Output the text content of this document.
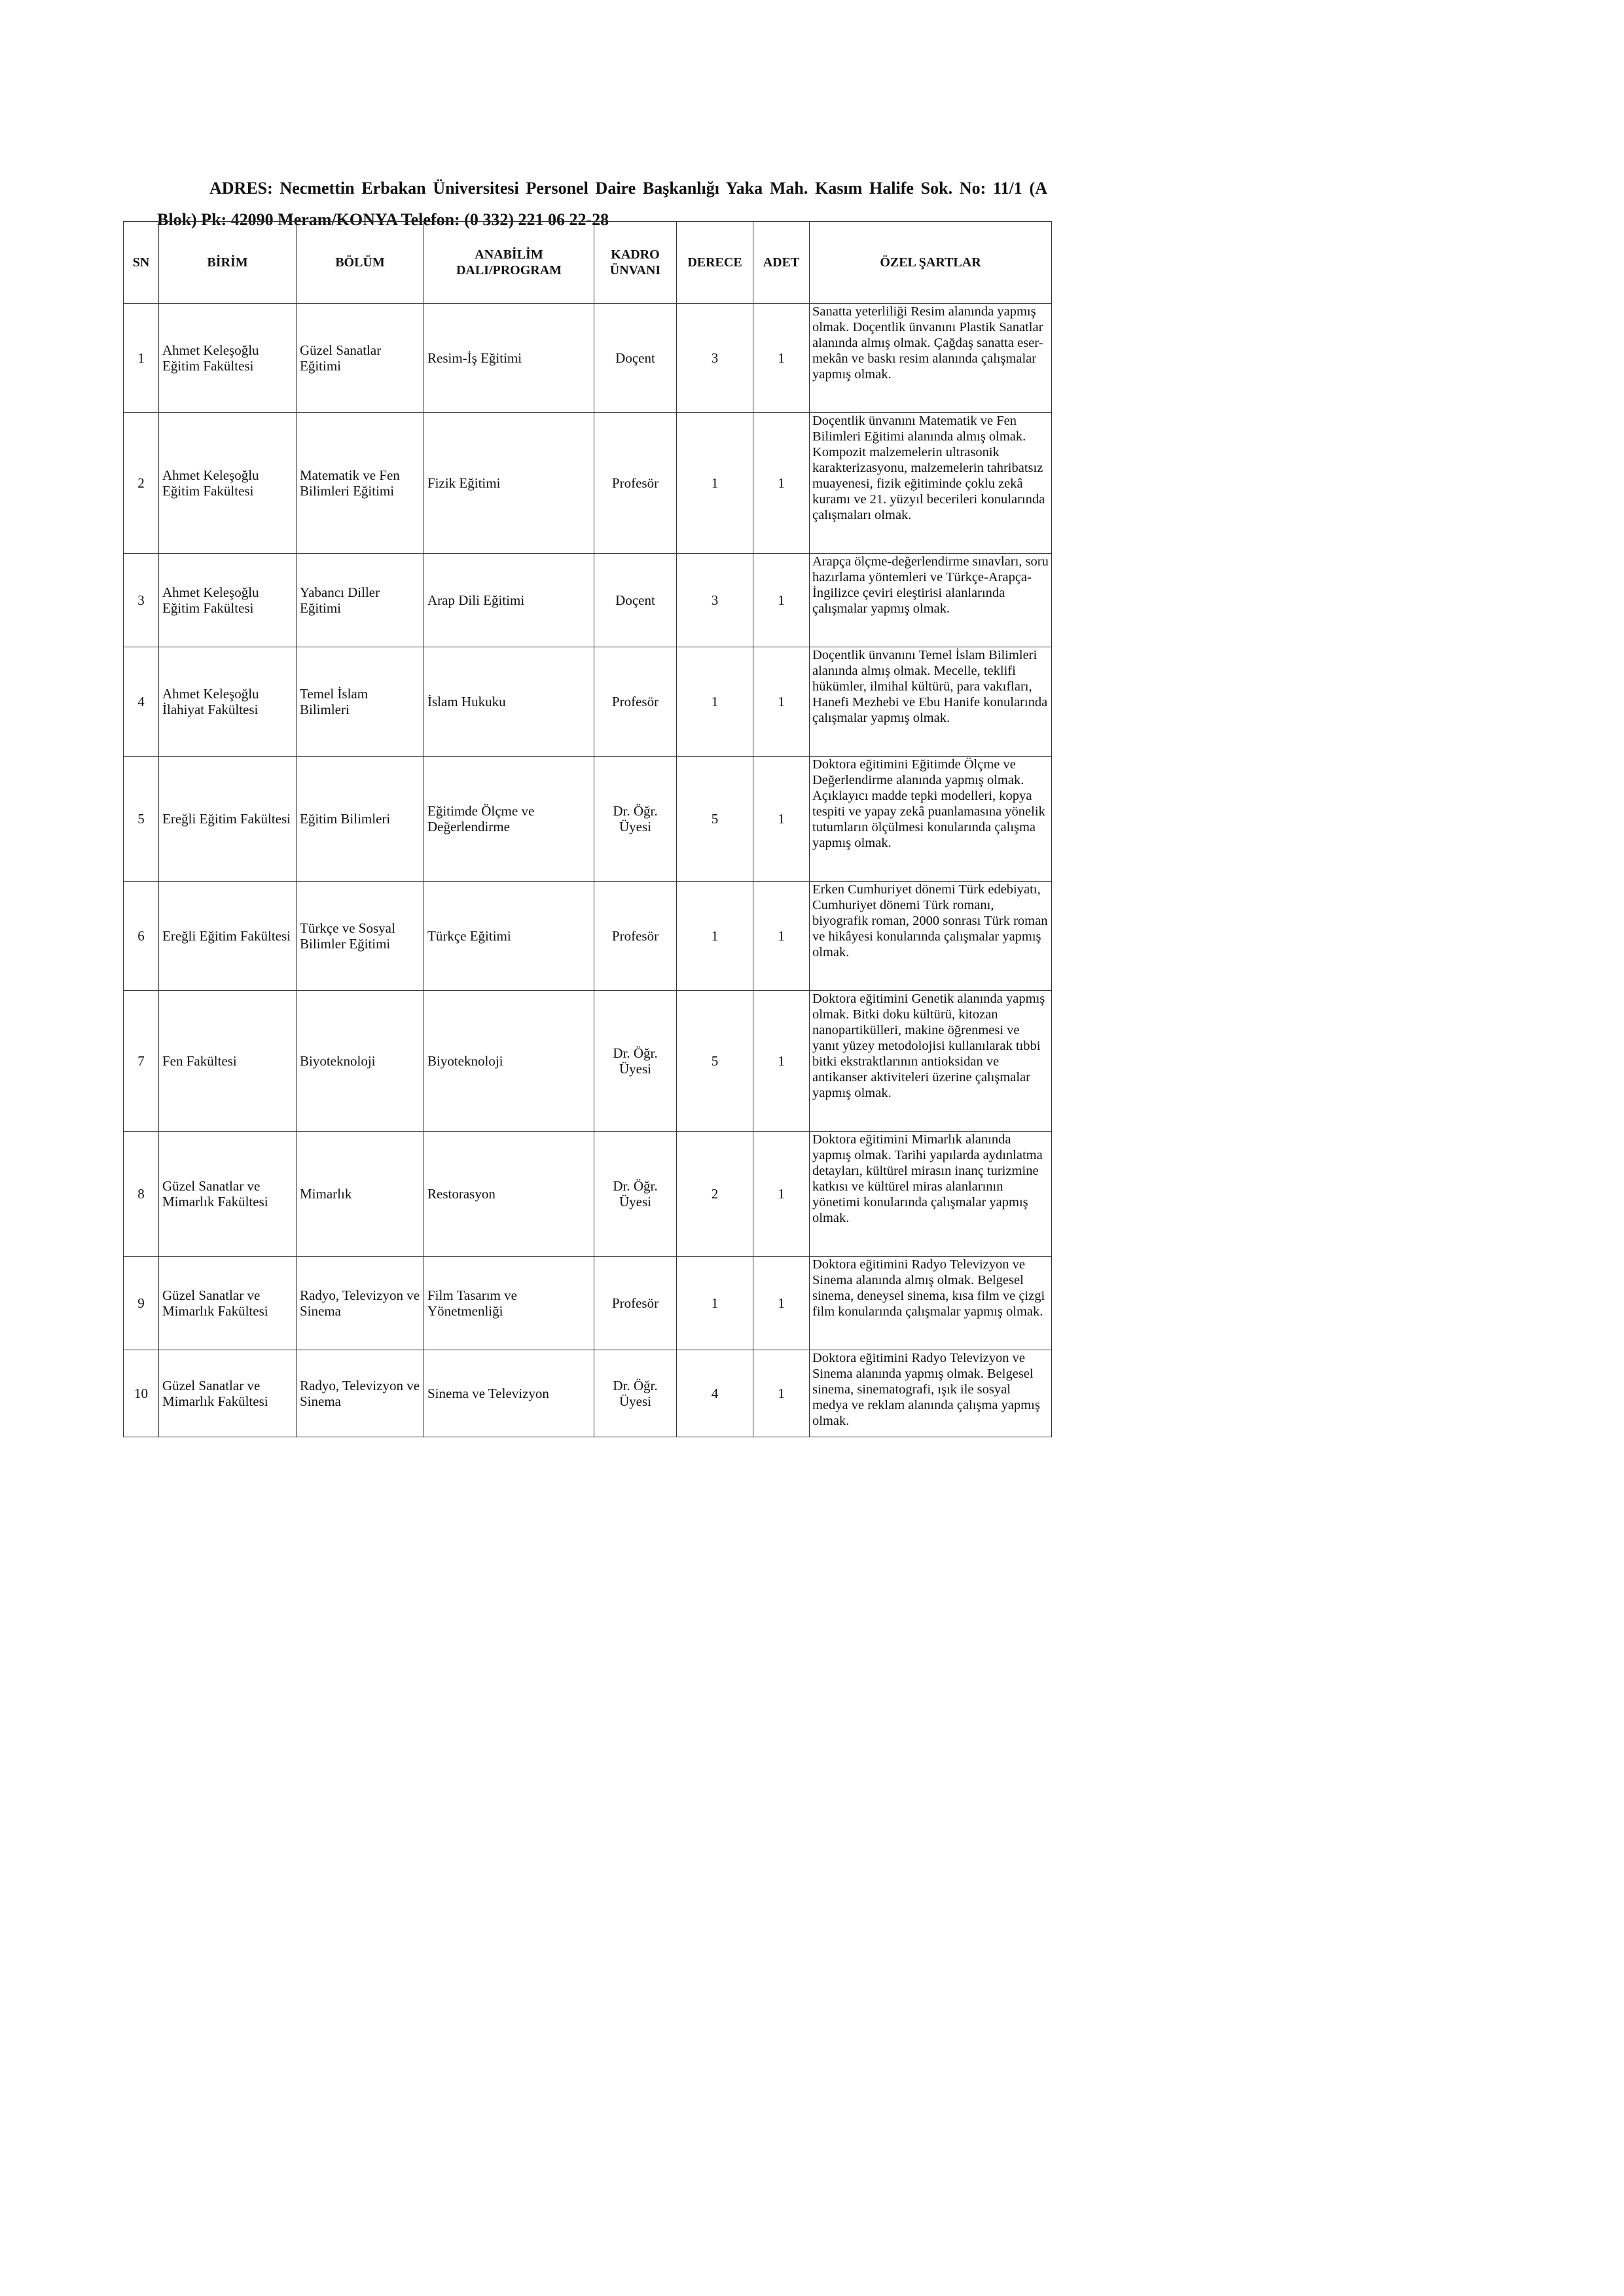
ADRES: Necmettin Erbakan Üniversitesi Personel Daire Başkanlığı Yaka Mah. Kasım Halife Sok. No: 11/1 (A Blok) Pk: 42090 Meram/KONYA Telefon: (0 332) 221 06 22-28

SN	BİRİM	BÖLÜM	ANABİLİM DALI/PROGRAM	KADRO ÜNVANI	DERECE	ADET	ÖZEL ŞARTLAR
1	Ahmet Keleşoğlu Eğitim Fakültesi	Güzel Sanatlar Eğitimi	Resim-İş Eğitimi	Doçent	3	1	Sanatta yeterliliği Resim alanında yapmış olmak. Doçentlik ünvanını Plastik Sanatlar alanında almış olmak. Çağdaş sanatta eser-mekân ve baskı resim alanında çalışmalar yapmış olmak.
2	Ahmet Keleşoğlu Eğitim Fakültesi	Matematik ve Fen Bilimleri Eğitimi	Fizik Eğitimi	Profesör	1	1	Doçentlik ünvanını Matematik ve Fen Bilimleri Eğitimi alanında almış olmak. Kompozit malzemelerin ultrasonik karakterizasyonu, malzemelerin tahribatsız muayenesi, fizik eğitiminde çoklu zekâ kuramı ve 21. yüzyıl becerileri konularında çalışmaları olmak.
3	Ahmet Keleşoğlu Eğitim Fakültesi	Yabancı Diller Eğitimi	Arap Dili Eğitimi	Doçent	3	1	Arapça ölçme-değerlendirme sınavları, soru hazırlama yöntemleri ve Türkçe-Arapça-İngilizce çeviri eleştirisi alanlarında çalışmalar yapmış olmak.
4	Ahmet Keleşoğlu İlahiyat Fakültesi	Temel İslam Bilimleri	İslam Hukuku	Profesör	1	1	Doçentlik ünvanını Temel İslam Bilimleri alanında almış olmak. Mecelle, teklifi hükümler, ilmihal kültürü, para vakıfları, Hanefi Mezhebi ve Ebu Hanife konularında çalışmalar yapmış olmak.
5	Ereğli Eğitim Fakültesi	Eğitim Bilimleri	Eğitimde Ölçme ve Değerlendirme	Dr. Öğr. Üyesi	5	1	Doktora eğitimini Eğitimde Ölçme ve Değerlendirme alanında yapmış olmak. Açıklayıcı madde tepki modelleri, kopya tespiti ve yapay zekâ puanlamasına yönelik tutumların ölçülmesi konularında çalışma yapmış olmak.
6	Ereğli Eğitim Fakültesi	Türkçe ve Sosyal Bilimler Eğitimi	Türkçe Eğitimi	Profesör	1	1	Erken Cumhuriyet dönemi Türk edebiyatı, Cumhuriyet dönemi Türk romanı, biyografik roman, 2000 sonrası Türk roman ve hikâyesi konularında çalışmalar yapmış olmak.
7	Fen Fakültesi	Biyoteknoloji	Biyoteknoloji	Dr. Öğr. Üyesi	5	1	Doktora eğitimini Genetik alanında yapmış olmak. Bitki doku kültürü, kitozan nanopartikülleri, makine öğrenmesi ve yanıt yüzey metodolojisi kullanılarak tıbbi bitki ekstraktlarının antioksidan ve antikanser aktiviteleri üzerine çalışmalar yapmış olmak.
8	Güzel Sanatlar ve Mimarlık Fakültesi	Mimarlık	Restorasyon	Dr. Öğr. Üyesi	2	1	Doktora eğitimini Mimarlık alanında yapmış olmak. Tarihi yapılarda aydınlatma detayları, kültürel mirasın inanç turizmine katkısı ve kültürel miras alanlarının yönetimi konularında çalışmalar yapmış olmak.
9	Güzel Sanatlar ve Mimarlık Fakültesi	Radyo, Televizyon ve Sinema	Film Tasarım ve Yönetmenliği	Profesör	1	1	Doktora eğitimini Radyo Televizyon ve Sinema alanında almış olmak. Belgesel sinema, deneysel sinema, kısa film ve çizgi film konularında çalışmalar yapmış olmak.
10	Güzel Sanatlar ve Mimarlık Fakültesi	Radyo, Televizyon ve Sinema	Sinema ve Televizyon	Dr. Öğr. Üyesi	4	1	Doktora eğitimini Radyo Televizyon ve Sinema alanında yapmış olmak. Belgesel sinema, sinematografi, ışık ile sosyal medya ve reklam alanında çalışma yapmış olmak.
